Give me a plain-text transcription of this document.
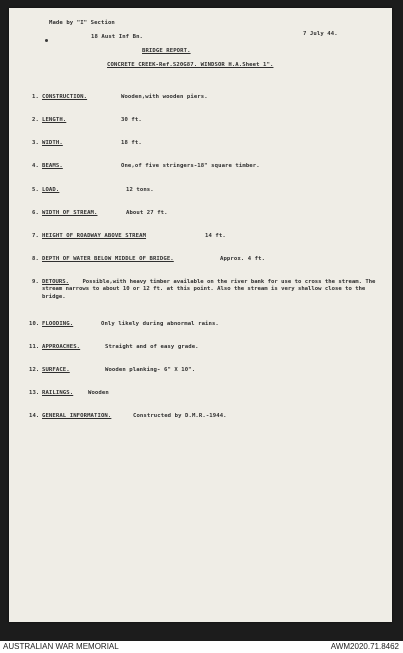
Made by "I" Section
18 Aust Inf Bn.	7 July 44.
BRIDGE REPORT.
CONCRETE CREEK-Ref.S20G87. WINDSOR H.A.Sheet 1".
1. CONSTRUCTION.	Wooden,with wooden piers.
2. LENGTH.	30 ft.
3. WIDTH.	18 ft.
4. BEAMS.	One,of five stringers-18" square timber.
5. LOAD.	12 tons.
6. WIDTH OF STREAM.	About 27 ft.
7. HEIGHT OF ROADWAY ABOVE STREAM	14 ft.
8. DEPTH OF WATER BELOW MIDDLE OF BRIDGE.	Approx. 4 ft.
9. DETOURS. Possible,with heavy timber available on the river bank for use to cross the stream. The stream narrows to about 10 or 12 ft. at this point. Also the stream is very shallow close to the bridge.
10. FLOODING.	Only likely during abnormal rains.
11. APPROACHES.	Straight and of easy grade.
12. SURFACE.	Wooden planking- 6" X 10".
13. RAILINGS.	Wooden
14. GENERAL INFORMATION.	Constructed by D.M.R.-1944.
AUSTRALIAN WAR MEMORIAL	AWM2020.71.8462
